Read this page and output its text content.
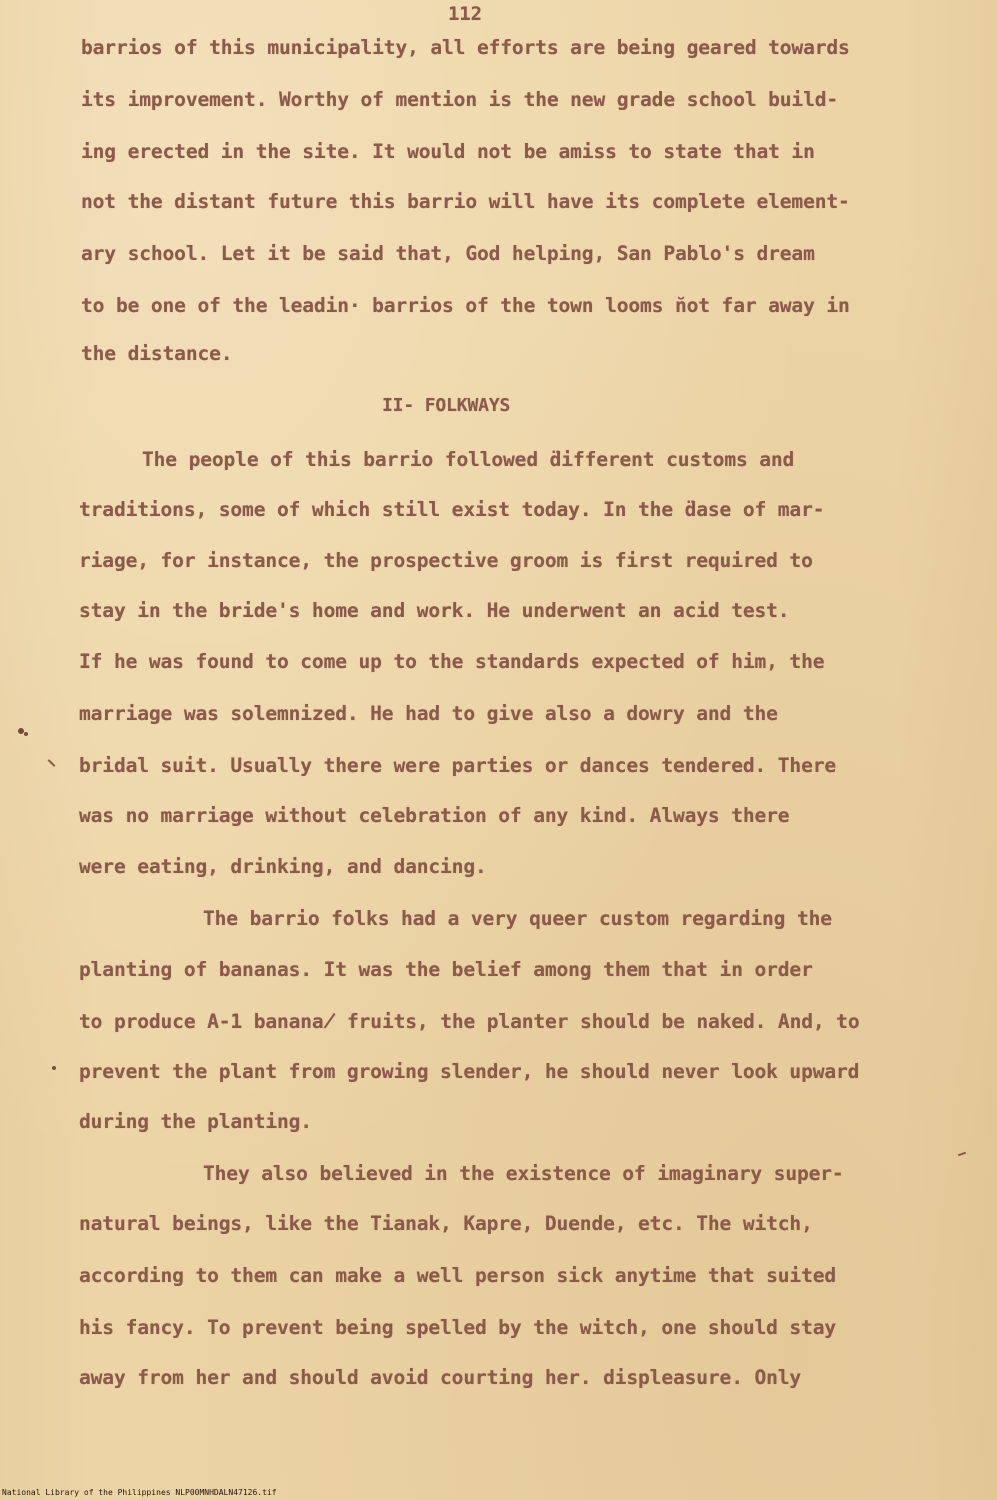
112

barrios of this municipality, all efforts are being geared towards

its improvement. Worthy of mention is the new grade school build-

ing erected in the site. It would not be amiss to state that in

not the distant future this barrio will have its complete element-

ary school. Let it be said that, God helping, San Pablo's dream

to be one of the leadin· barrios of the town looms ̆not far away in

the distance.

II- FOLKWAYS

The people of this barrio followed ̈different customs and

traditions, some of which still exist today. In the ̈dase of mar-

riage, for instance, the prospective groom is first required to

stay in the bride's home and work. He underwent an acid test.

If he was found to come up to the standards expected of him, the

marriage was solemnized. He had to give also a dowry and the

bridal suit. Usually there were parties or dances tendered. There

was no marriage without celebration of any kind. Always there

were eating, drinking, and dancing.

The barrio folks had a very queer custom regarding the

planting of bananas. It was the belief among them that in order

to produce A-1 banana̸ fruits, the planter should be naked. And, to

prevent the plant from growing slender, he should never look upward

during the planting.

They also believed in the existence of imaginary super-

natural beings, like the Tianak, Kapre, Duende, etc. The witch,

according to them can make a well person sick anytime that suited

his fancy. To prevent being spelled by the witch, one should stay

away from her and should avoid courting her. displeasure. Only

National Library of the Philippines NLP00MNHDALN47126.tif
